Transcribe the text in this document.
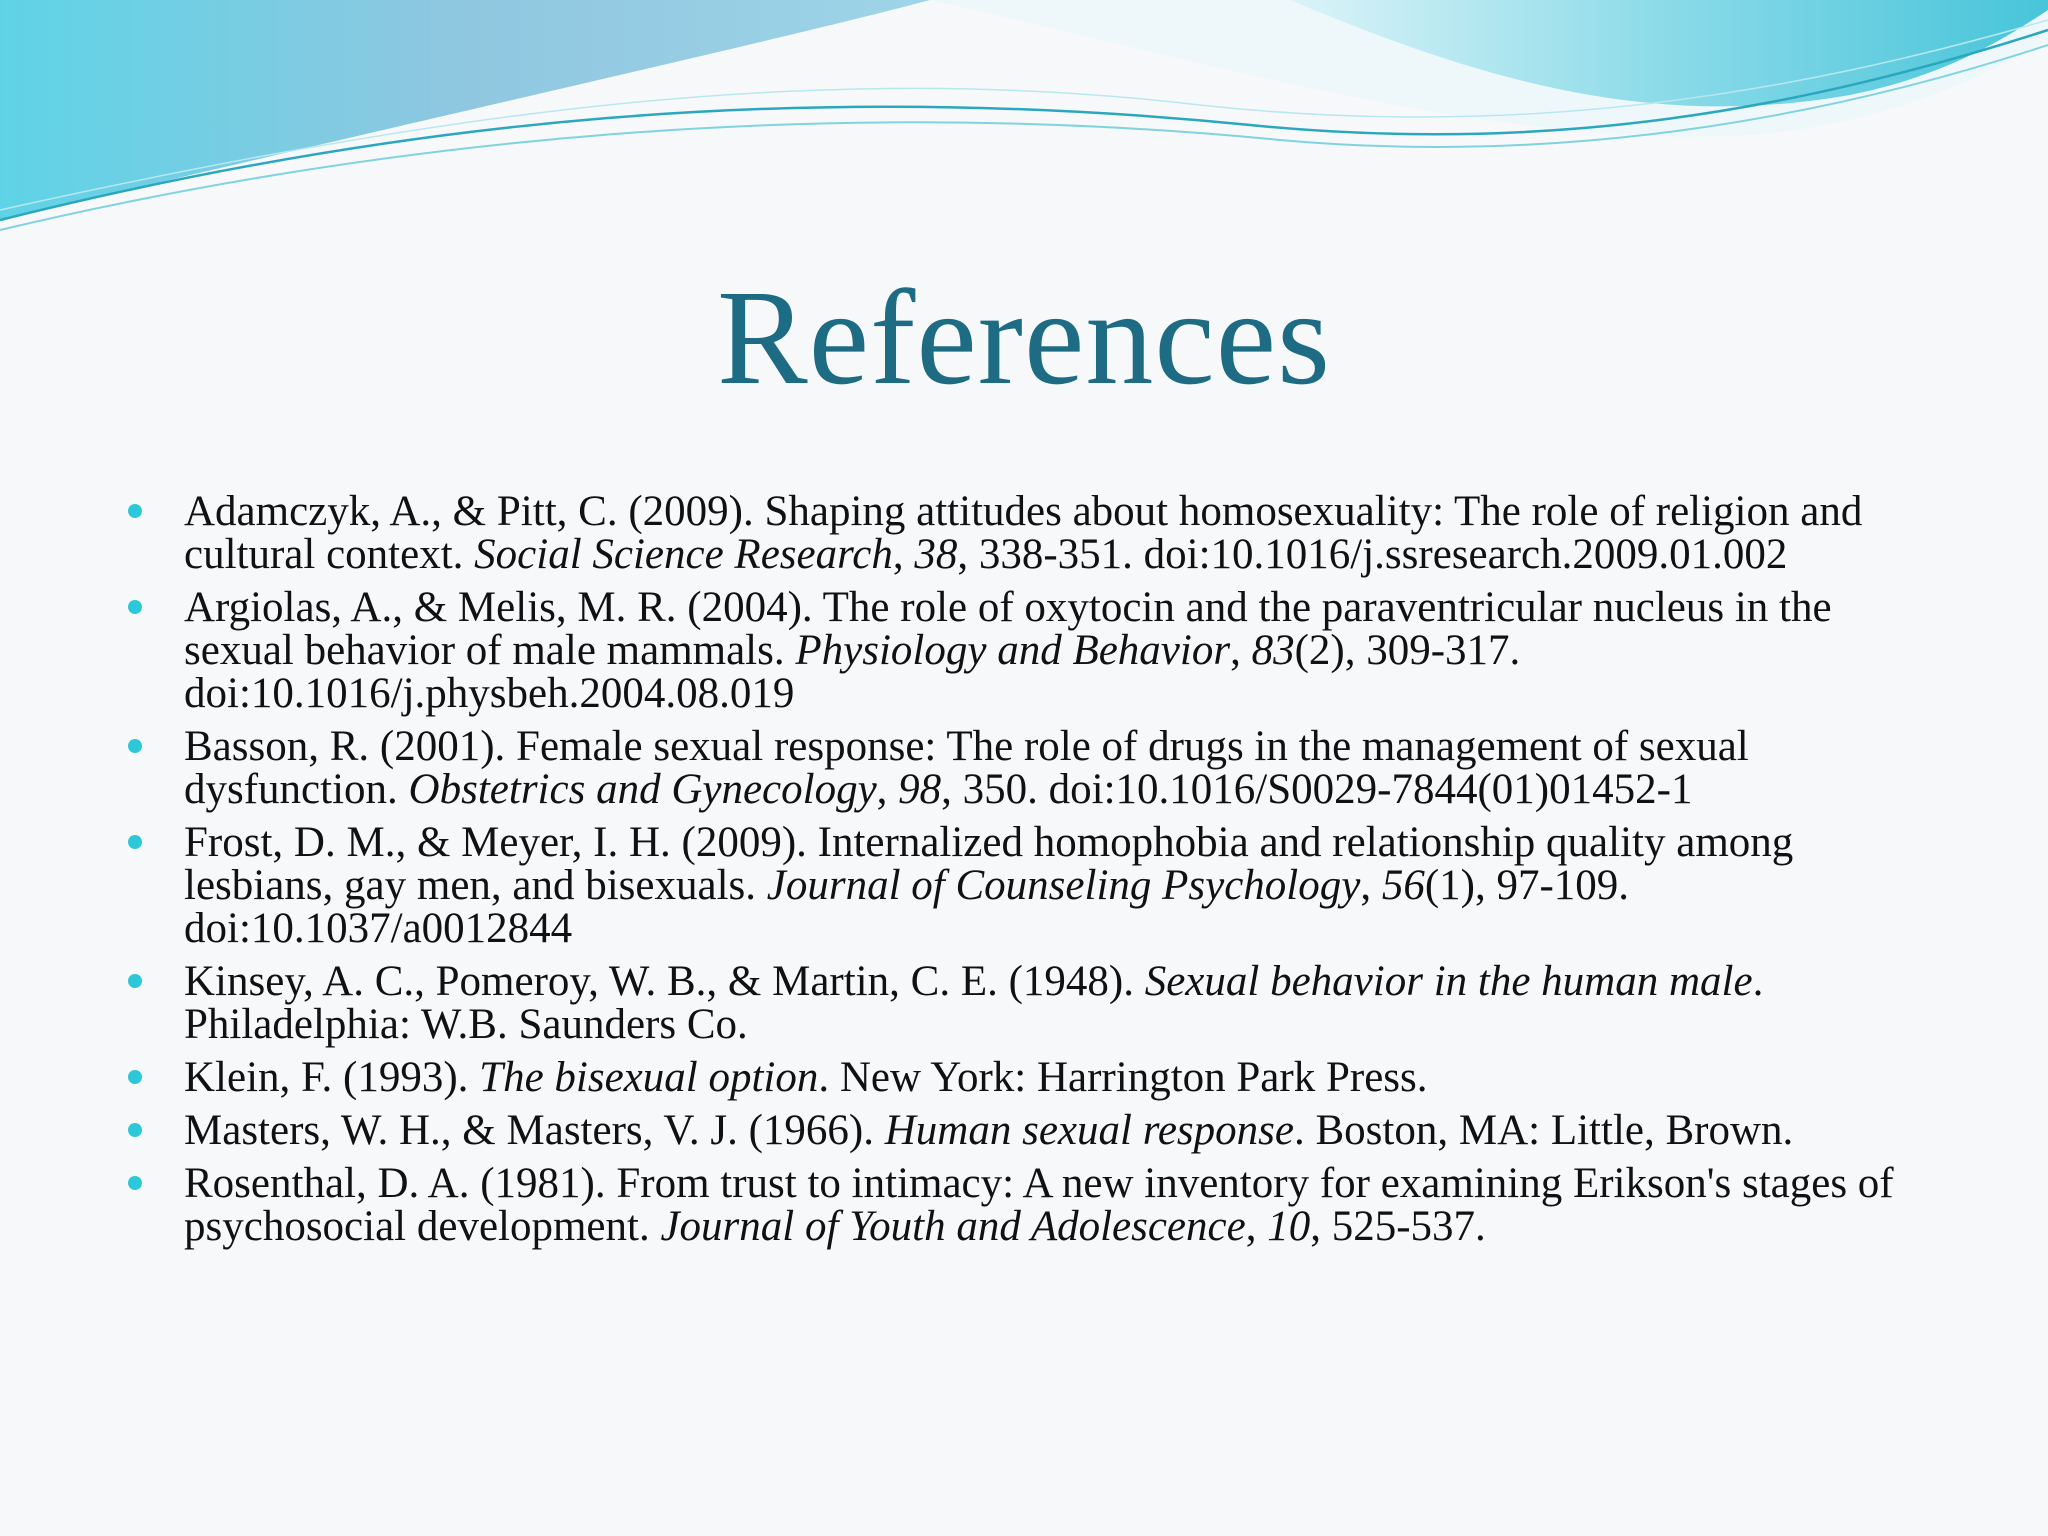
References
Adamczyk, A., & Pitt, C. (2009). Shaping attitudes about homosexuality: The role of religion and cultural context. Social Science Research, 38, 338-351. doi:10.1016/j.ssresearch.2009.01.002
Argiolas, A., & Melis, M. R. (2004). The role of oxytocin and the paraventricular nucleus in the sexual behavior of male mammals. Physiology and Behavior, 83(2), 309-317. doi:10.1016/j.physbeh.2004.08.019
Basson, R. (2001). Female sexual response: The role of drugs in the management of sexual dysfunction. Obstetrics and Gynecology, 98, 350. doi:10.1016/S0029-7844(01)01452-1
Frost, D. M., & Meyer, I. H. (2009). Internalized homophobia and relationship quality among lesbians, gay men, and bisexuals. Journal of Counseling Psychology, 56(1), 97-109. doi:10.1037/a0012844
Kinsey, A. C., Pomeroy, W. B., & Martin, C. E. (1948). Sexual behavior in the human male. Philadelphia: W.B. Saunders Co.
Klein, F. (1993). The bisexual option. New York: Harrington Park Press.
Masters, W. H., & Masters, V. J. (1966). Human sexual response. Boston, MA: Little, Brown.
Rosenthal, D. A. (1981). From trust to intimacy: A new inventory for examining Erikson's stages of psychosocial development. Journal of Youth and Adolescence, 10, 525-537.
